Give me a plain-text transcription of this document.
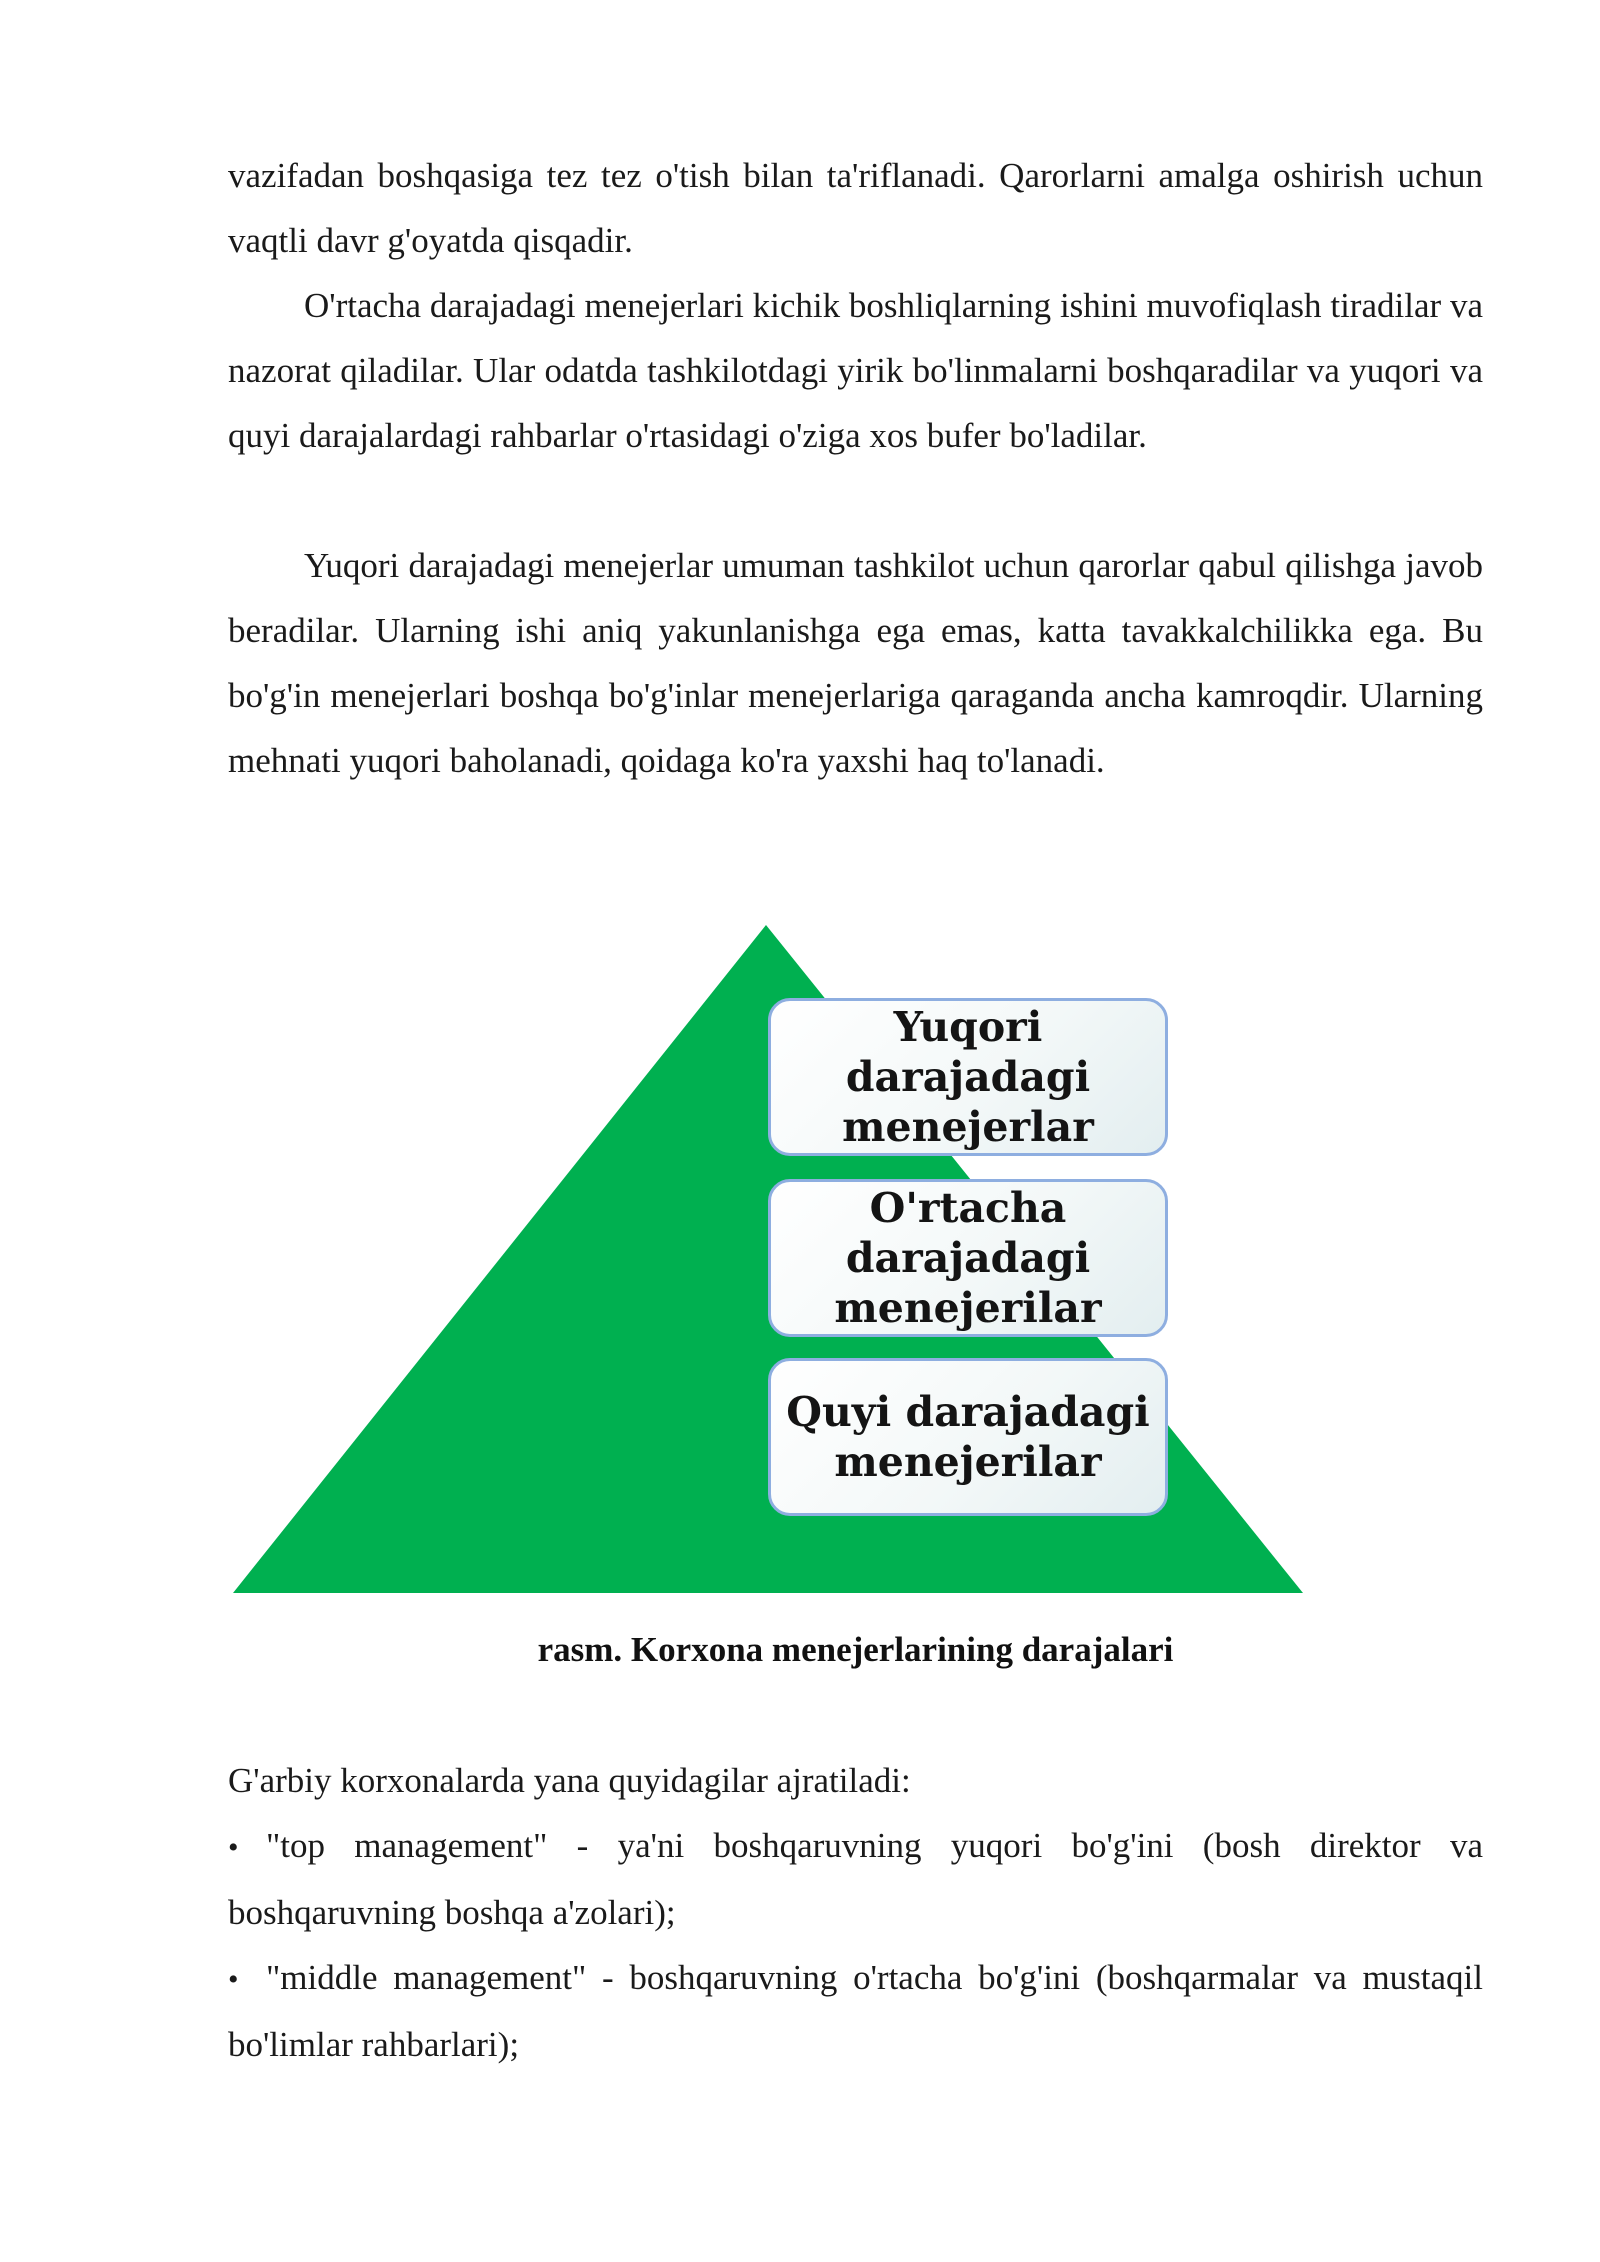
vazifadan boshqasiga tez tez o'tish bilan ta'riflanadi. Qarorlarni amalga oshirish uchun vaqtli davr g'oyatda qisqadir.

O'rtacha darajadagi menejerlari kichik boshliqlarning ishini muvofiqlash tiradilar va nazorat qiladilar. Ular odatda tashkilotdagi yirik bo'linmalarni boshqaradilar va yuqori va quyi darajalardagi rahbarlar o'rtasidagi o'ziga xos bufer bo'ladilar.

Yuqori darajadagi menejerlar umuman tashkilot uchun qarorlar qabul qilishga javob beradilar. Ularning ishi aniq yakunlanishga ega emas, katta tavakkalchilikka ega. Bu bo'g'in menejerlari boshqa bo'g'inlar menejerlariga qaraganda ancha kamroqdir. Ularning mehnati yuqori baholanadi, qoidaga ko'ra yaxshi haq to'lanadi.

Yuqori darajadagi menejerlar
O'rtacha darajadagi menejerilar
Quyi darajadagi menejerilar

rasm. Korxona menejerlarining darajalari

G'arbiy korxonalarda yana quyidagilar ajratiladi:

• "top management" - ya'ni boshqaruvning yuqori bo'g'ini (bosh direktor va boshqaruvning boshqa a'zolari);

• "middle management" - boshqaruvning o'rtacha bo'g'ini (boshqarmalar va mustaqil bo'limlar rahbarlari);
